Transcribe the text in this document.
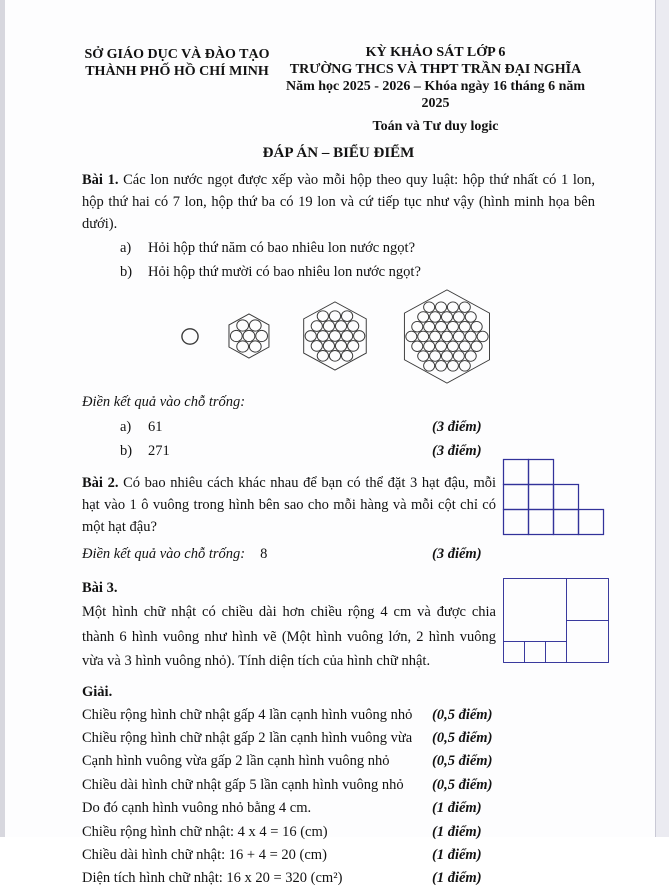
SỞ GIÁO DỤC VÀ ĐÀO TẠO
THÀNH PHỐ HỒ CHÍ MINH
KỲ KHẢO SÁT LỚP 6
TRƯỜNG THCS VÀ THPT TRẦN ĐẠI NGHĨA
Năm học 2025 - 2026 – Khóa ngày 16 tháng 6 năm 2025
Toán và Tư duy logic
ĐÁP ÁN – BIỂU ĐIỂM

Bài 1. Các lon nước ngọt được xếp vào mỗi hộp theo quy luật: hộp thứ nhất có 1 lon, hộp thứ hai có 7 lon, hộp thứ ba có 19 lon và cứ tiếp tục như vậy (hình minh họa bên dưới).

a)	Hỏi hộp thứ năm có bao nhiêu lon nước ngọt?
b)	Hỏi hộp thứ mười có bao nhiêu lon nước ngọt?

Điền kết quả vào chỗ trống:

a)	61	(3 điểm)
b)	271	(3 điểm)

Bài 2. Có bao nhiêu cách khác nhau để bạn có thể đặt 3 hạt đậu, mỗi hạt vào 1 ô vuông trong hình bên sao cho mỗi hàng và mỗi cột chỉ có một hạt đậu?

Điền kết quả vào chỗ trống: 8	(3 điểm)
Bài 3.

Một hình chữ nhật có chiều dài hơn chiều rộng 4 cm và được chia thành 6 hình vuông như hình vẽ (Một hình vuông lớn, 2 hình vuông vừa và 3 hình vuông nhỏ). Tính diện tích của hình chữ nhật.

Giải.
Chiều rộng hình chữ nhật gấp 4 lần cạnh hình vuông nhỏ	(0,5 điểm)
Chiều rộng hình chữ nhật gấp 2 lần cạnh hình vuông vừa	(0,5 điểm)
Cạnh hình vuông vừa gấp 2 lần cạnh hình vuông nhỏ	(0,5 điểm)
Chiều dài hình chữ nhật gấp 5 lần cạnh hình vuông nhỏ	(0,5 điểm)
Do đó cạnh hình vuông nhỏ bằng 4 cm.	(1 điểm)
Chiều rộng hình chữ nhật: 4 x 4 = 16 (cm)	(1 điểm)
Chiều dài hình chữ nhật: 16 + 4 = 20 (cm)	(1 điểm)
Diện tích hình chữ nhật: 16 x 20 = 320 (cm²)	(1 điểm)
